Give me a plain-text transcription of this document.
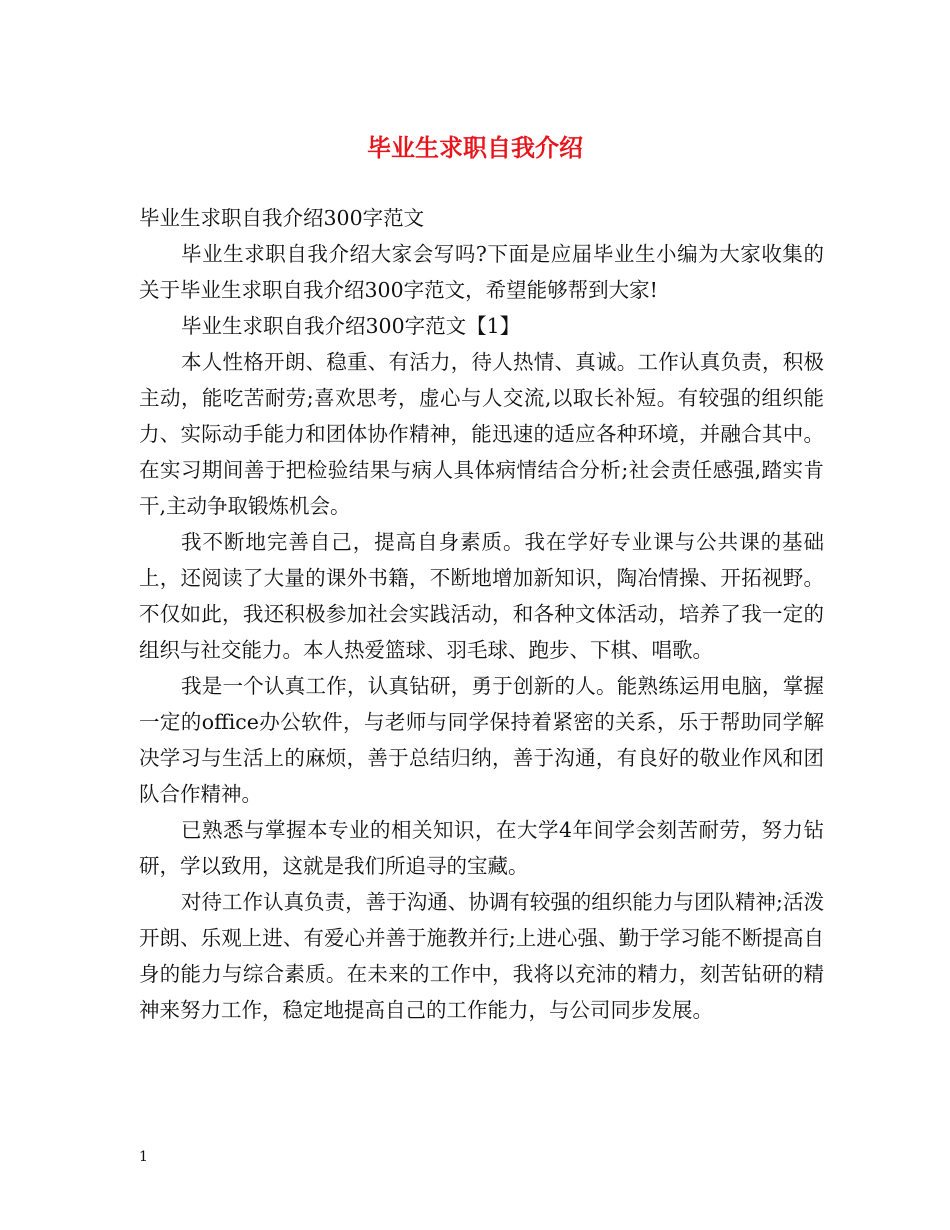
毕业生求职自我介绍

毕业生求职自我介绍300字范文

毕业生求职自我介绍大家会写吗?下面是应届毕业生小编为大家收集的关于毕业生求职自我介绍300字范文，希望能够帮到大家!

毕业生求职自我介绍300字范文【1】

本人性格开朗、稳重、有活力，待人热情、真诚。工作认真负责，积极主动，能吃苦耐劳;喜欢思考，虚心与人交流,以取长补短。有较强的组织能力、实际动手能力和团体协作精神，能迅速的适应各种环境，并融合其中。在实习期间善于把检验结果与病人具体病情结合分析;社会责任感强,踏实肯干,主动争取锻炼机会。

我不断地完善自己，提高自身素质。我在学好专业课与公共课的基础上，还阅读了大量的课外书籍，不断地增加新知识，陶冶情操、开拓视野。不仅如此，我还积极参加社会实践活动，和各种文体活动，培养了我一定的组织与社交能力。本人热爱篮球、羽毛球、跑步、下棋、唱歌。

我是一个认真工作，认真钻研，勇于创新的人。能熟练运用电脑，掌握一定的office办公软件，与老师与同学保持着紧密的关系，乐于帮助同学解决学习与生活上的麻烦，善于总结归纳，善于沟通，有良好的敬业作风和团队合作精神。

已熟悉与掌握本专业的相关知识，在大学4年间学会刻苦耐劳，努力钻研，学以致用，这就是我们所追寻的宝藏。

对待工作认真负责，善于沟通、协调有较强的组织能力与团队精神;活泼开朗、乐观上进、有爱心并善于施教并行;上进心强、勤于学习能不断提高自身的能力与综合素质。在未来的工作中，我将以充沛的精力，刻苦钻研的精神来努力工作，稳定地提高自己的工作能力，与公司同步发展。

1
